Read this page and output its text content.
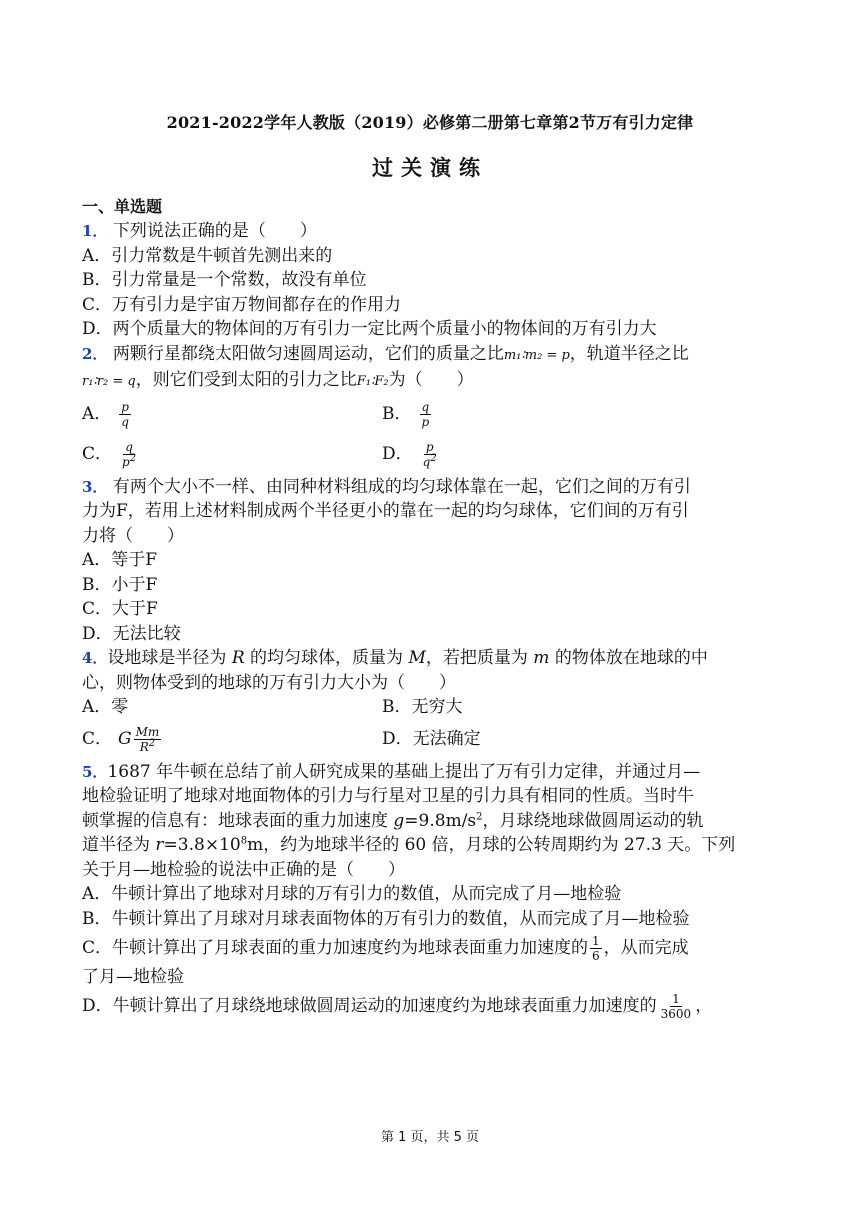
2021-2022学年人教版（2019）必修第二册第七章第2节万有引力定律
过关演练
一、单选题
1． 下列说法正确的是（　　）
A．引力常数是牛顿首先测出来的
B．引力常量是一个常数，故没有单位
C．万有引力是宇宙万物间都存在的作用力
D．两个质量大的物体间的万有引力一定比两个质量小的物体间的万有引力大
2． 两颗行星都绕太阳做匀速圆周运动，它们的质量之比m₁∶m₂ = p，轨道半径之比
r₁∶r₂ = q，则它们受到太阳的引力之比F₁∶F₂为（　　）
A． $\frac{p}{q}$	B． $\frac{q}{p}$
C． $\frac{q}{p^2}$	D． $\frac{p}{q^2}$
3． 有两个大小不一样、由同种材料组成的均匀球体靠在一起，它们之间的万有引
力为F，若用上述材料制成两个半径更小的靠在一起的均匀球体，它们间的万有引
力将（　　）
A．等于F
B．小于F
C．大于F
D．无法比较
4．设地球是半径为 R 的均匀球体，质量为 M，若把质量为 m 的物体放在地球的中
心，则物体受到的地球的万有引力大小为（　　）
A．零	B．无穷大
C． G $\frac{Mm}{R^2}$	D．无法确定
5．1687 年牛顿在总结了前人研究成果的基础上提出了万有引力定律，并通过月—
地检验证明了地球对地面物体的引力与行星对卫星的引力具有相同的性质。当时牛
顿掌握的信息有：地球表面的重力加速度 $g=9.8m/s^2$，月球绕地球做圆周运动的轨
道半径为 $r=3.8\times 10^8m$，约为地球半径的 60 倍，月球的公转周期约为 27.3 天。下列
关于月—地检验的说法中正确的是（　　）
A．牛顿计算出了地球对月球的万有引力的数值，从而完成了月—地检验
B．牛顿计算出了月球对月球表面物体的万有引力的数值，从而完成了月—地检验
C．牛顿计算出了月球表面的重力加速度约为地球表面重力加速度的 $\frac{1}{6}$ ，从而完成
了月—地检验
D．牛顿计算出了月球绕地球做圆周运动的加速度约为地球表面重力加速度的 $\frac{1}{3600}$ ，
第 1 页，共 5 页
